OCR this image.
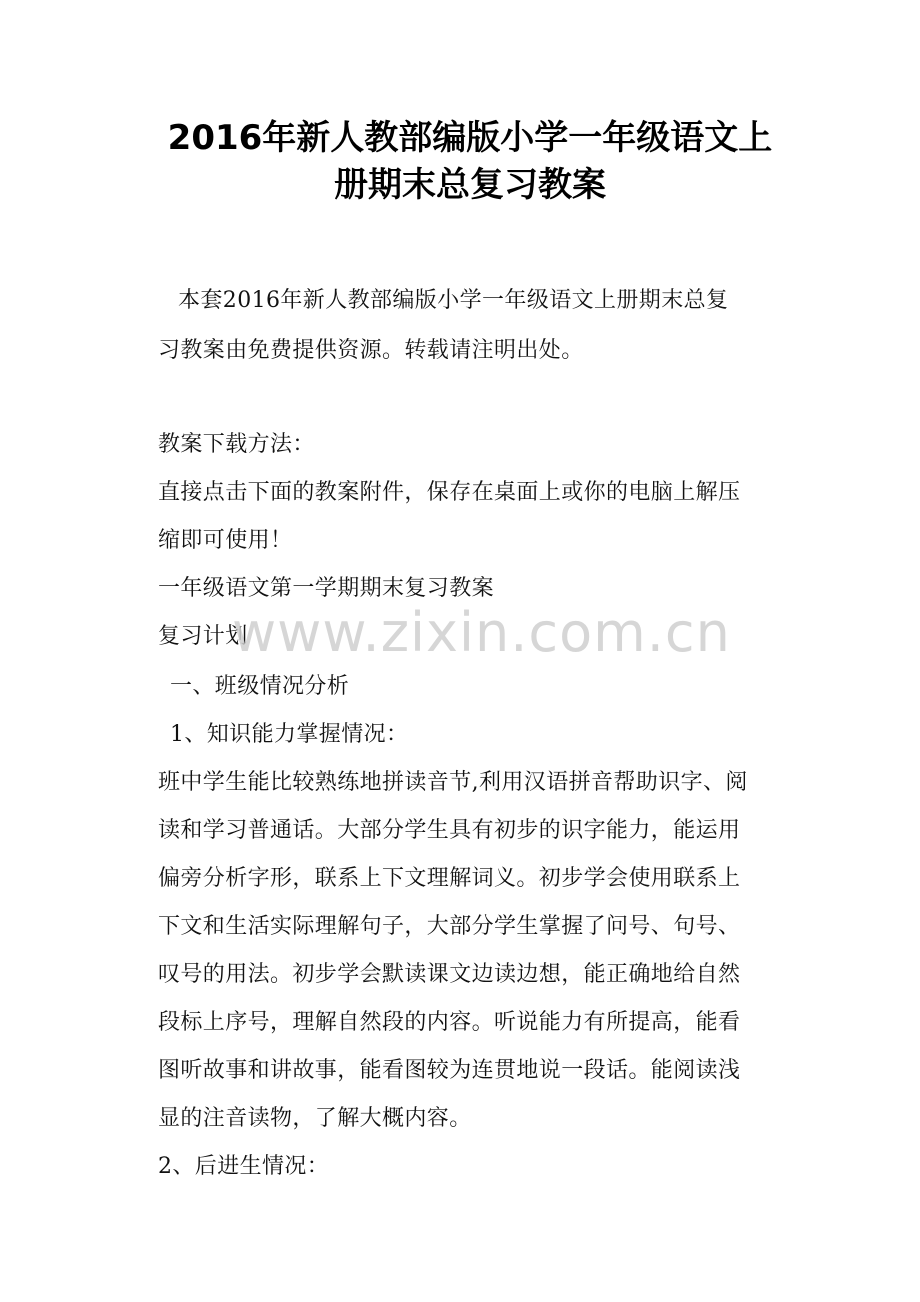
2016年新人教部编版小学一年级语文上
册期末总复习教案
本套2016年新人教部编版小学一年级语文上册期末总复
习教案由免费提供资源。转载请注明出处。
教案下载方法：
直接点击下面的教案附件，保存在桌面上或你的电脑上解压
缩即可使用！
一年级语文第一学期期末复习教案
复习计划
一、班级情况分析
1、知识能力掌握情况：
班中学生能比较熟练地拼读音节,利用汉语拼音帮助识字、阅
读和学习普通话。大部分学生具有初步的识字能力，能运用
偏旁分析字形，联系上下文理解词义。初步学会使用联系上
下文和生活实际理解句子，大部分学生掌握了问号、句号、
叹号的用法。初步学会默读课文边读边想，能正确地给自然
段标上序号，理解自然段的内容。听说能力有所提高，能看
图听故事和讲故事，能看图较为连贯地说一段话。能阅读浅
显的注音读物，了解大概内容。
2、后进生情况：
www.zixin.com.cn
